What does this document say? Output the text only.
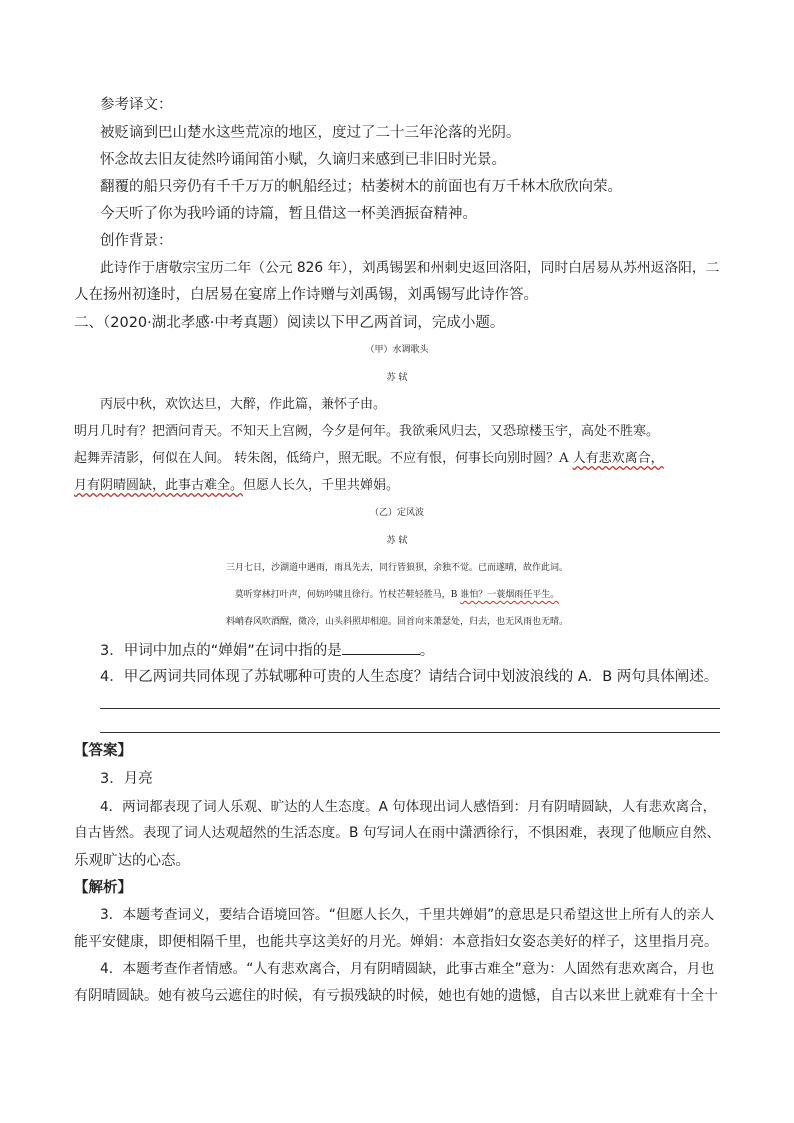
参考译文：
被贬谪到巴山楚水这些荒凉的地区，度过了二十三年沦落的光阴。
怀念故去旧友徒然吟诵闻笛小赋，久谪归来感到已非旧时光景。
翻覆的船只旁仍有千千万万的帆船经过；枯萎树木的前面也有万千林木欣欣向荣。
今天听了你为我吟诵的诗篇，暂且借这一杯美酒振奋精神。
创作背景：
此诗作于唐敬宗宝历二年（公元 826 年），刘禹锡罢和州刺史返回洛阳，同时白居易从苏州返洛阳，二
人在扬州初逢时，白居易在宴席上作诗赠与刘禹锡，刘禹锡写此诗作答。
二、（2020·湖北孝感·中考真题）阅读以下甲乙两首词，完成小题。
（甲）水调歌头
苏 轼
丙辰中秋，欢饮达旦，大醉，作此篇，兼怀子由。
明月几时有？把酒问青天。不知天上宫阙，今夕是何年。我欲乘风归去，又恐琼楼玉宇，高处不胜寒。
起舞弄清影，何似在人间。 转朱阁，低绮户，照无眠。不应有恨，何事长向别时圆？A 人有悲欢离合，
月有阴晴圆缺，此事古难全。但愿人长久，千里共婵娟。
（乙）定风波
苏 轼
三月七日，沙湖道中遇雨，雨具先去，同行皆狼狈，余独不觉。已而遂晴，故作此词。
莫听穿林打叶声，何妨吟啸且徐行。竹杖芒鞋轻胜马，B 谁怕？一蓑烟雨任平生。
料峭春风吹酒醒，微冷，山头斜照却相迎。回首向来萧瑟处，归去，也无风雨也无晴。
3．甲词中加点的“婵娟”在词中指的是	。
4．甲乙两词共同体现了苏轼哪种可贵的人生态度？请结合词中划波浪线的 A．B 两句具体阐述。
【答案】
3．月亮
4．两词都表现了词人乐观、旷达的人生态度。A 句体现出词人感悟到：月有阴晴圆缺，人有悲欢离合，
自古皆然。表现了词人达观超然的生活态度。B 句写词人在雨中潇洒徐行，不惧困难，表现了他顺应自然、
乐观旷达的心态。
【解析】
3．本题考查词义，要结合语境回答。“但愿人长久，千里共婵娟”的意思是只希望这世上所有人的亲人
能平安健康，即便相隔千里，也能共享这美好的月光。婵娟：本意指妇女姿态美好的样子，这里指月亮。
4．本题考查作者情感。“人有悲欢离合，月有阴晴圆缺，此事古难全”意为：人固然有悲欢离合，月也
有阴晴圆缺。她有被乌云遮住的时候，有亏损残缺的时候，她也有她的遗憾，自古以来世上就难有十全十
